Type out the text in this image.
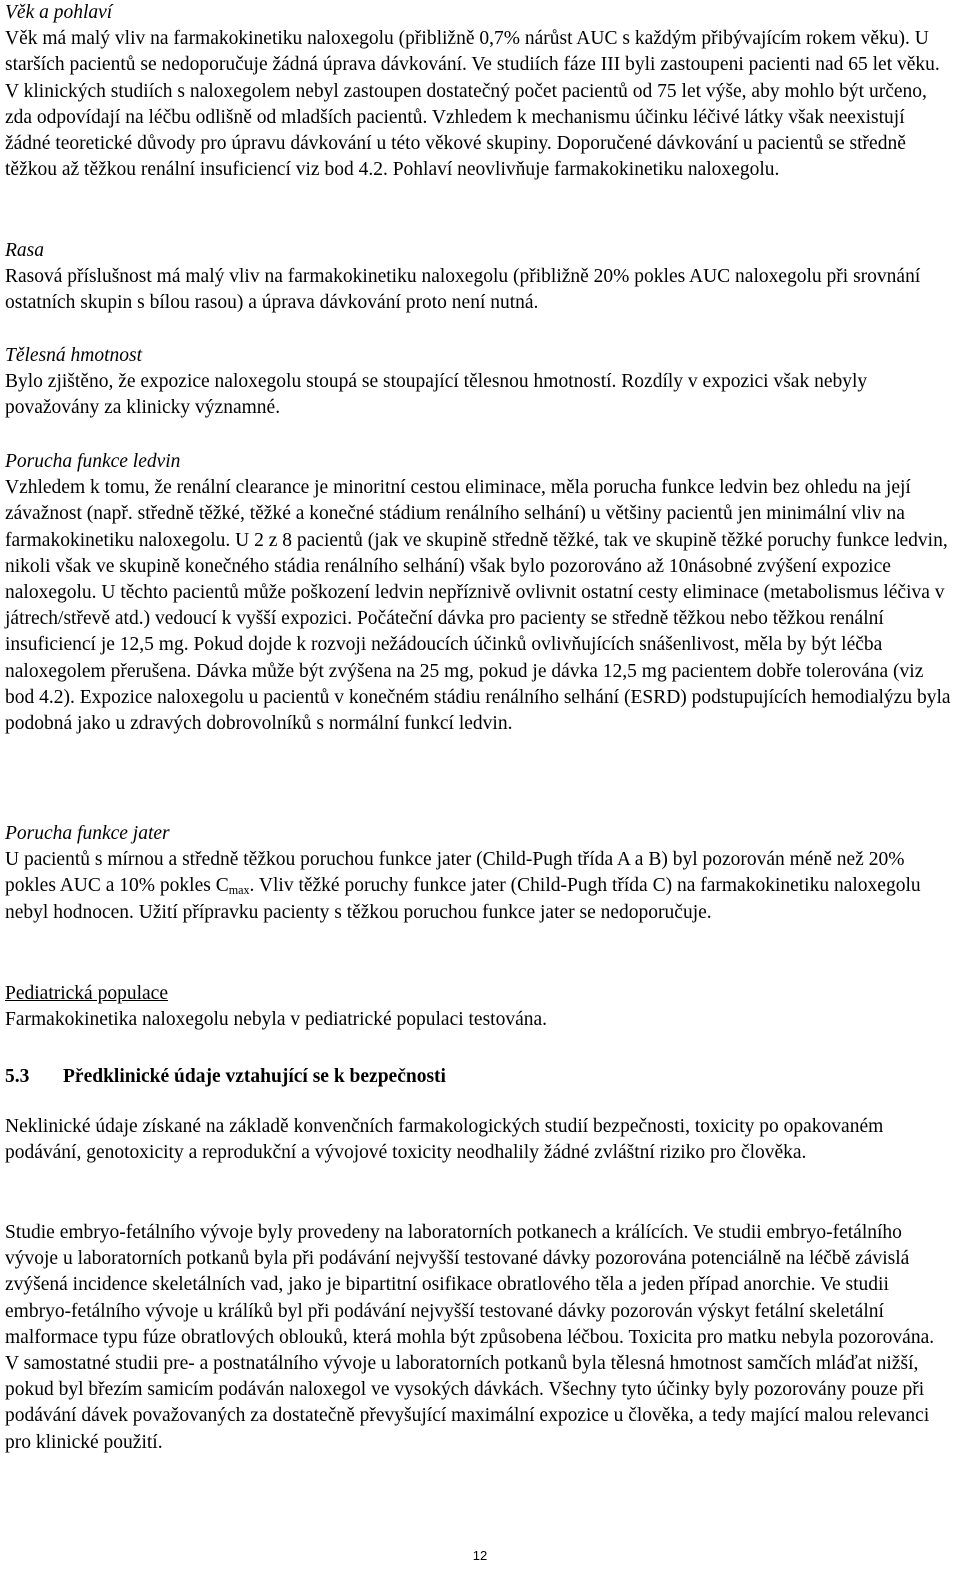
Věk a pohlaví

Věk má malý vliv na farmakokinetiku naloxegolu (přibližně 0,7% nárůst AUC s každým přibývajícím rokem věku). U starších pacientů se nedoporučuje žádná úprava dávkování. Ve studiích fáze III byli zastoupeni pacienti nad 65 let věku. V klinických studiích s naloxegolem nebyl zastoupen dostatečný počet pacientů od 75 let výše, aby mohlo být určeno, zda odpovídají na léčbu odlišně od mladších pacientů. Vzhledem k mechanismu účinku léčivé látky však neexistují žádné teoretické důvody pro úpravu dávkování u této věkové skupiny. Doporučené dávkování u pacientů se středně těžkou až těžkou renální insuficiencí viz bod 4.2. Pohlaví neovlivňuje farmakokinetiku naloxegolu.

Rasa

Rasová příslušnost má malý vliv na farmakokinetiku naloxegolu (přibližně 20% pokles AUC naloxegolu při srovnání ostatních skupin s bílou rasou) a úprava dávkování proto není nutná.

Tělesná hmotnost

Bylo zjištěno, že expozice naloxegolu stoupá se stoupající tělesnou hmotností. Rozdíly v expozici však nebyly považovány za klinicky významné.

Porucha funkce ledvin

Vzhledem k tomu, že renální clearance je minoritní cestou eliminace, měla porucha funkce ledvin bez ohledu na její závažnost (např. středně těžké, těžké a konečné stádium renálního selhání) u většiny pacientů jen minimální vliv na farmakokinetiku naloxegolu. U 2 z 8 pacientů (jak ve skupině středně těžké, tak ve skupině těžké poruchy funkce ledvin, nikoli však ve skupině konečného stádia renálního selhání) však bylo pozorováno až 10násobné zvýšení expozice naloxegolu. U těchto pacientů může poškození ledvin nepříznivě ovlivnit ostatní cesty eliminace (metabolismus léčiva v játrech/střevě atd.) vedoucí k vyšší expozici. Počáteční dávka pro pacienty se středně těžkou nebo těžkou renální insuficiencí je 12,5 mg. Pokud dojde k rozvoji nežádoucích účinků ovlivňujících snášenlivost, měla by být léčba naloxegolem přerušena. Dávka může být zvýšena na 25 mg, pokud je dávka 12,5 mg pacientem dobře tolerována (viz bod 4.2). Expozice naloxegolu u pacientů v konečném stádiu renálního selhání (ESRD) podstupujících hemodialýzu byla podobná jako u zdravých dobrovolníků s normální funkcí ledvin.

Porucha funkce jater

U pacientů s mírnou a středně těžkou poruchou funkce jater (Child-Pugh třída A a B) byl pozorován méně než 20% pokles AUC a 10% pokles $C_{max}$. Vliv těžké poruchy funkce jater (Child-Pugh třída C) na farmakokinetiku naloxegolu nebyl hodnocen. Užití přípravku pacienty s těžkou poruchou funkce jater se nedoporučuje.

Pediatrická populace

Farmakokinetika naloxegolu nebyla v pediatrické populaci testována.

5.3 Předklinické údaje vztahující se k bezpečnosti

Neklinické údaje získané na základě konvenčních farmakologických studií bezpečnosti, toxicity po opakovaném podávání, genotoxicity a reprodukční a vývojové toxicity neodhalily žádné zvláštní riziko pro člověka.

Studie embryo-fetálního vývoje byly provedeny na laboratorních potkanech a králících. Ve studii embryo-fetálního vývoje u laboratorních potkanů byla při podávání nejvyšší testované dávky pozorována potenciálně na léčbě závislá zvýšená incidence skeletálních vad, jako je bipartitní osifikace obratlového těla a jeden případ anorchie. Ve studii embryo-fetálního vývoje u králíků byl při podávání nejvyšší testované dávky pozorován výskyt fetální skeletální malformace typu fúze obratlových oblouků, která mohla být způsobena léčbou. Toxicita pro matku nebyla pozorována.

V samostatné studii pre- a postnatálního vývoje u laboratorních potkanů byla tělesná hmotnost samčích mláďat nižší, pokud byl březím samicím podáván naloxegol ve vysokých dávkách. Všechny tyto účinky byly pozorovány pouze při podávání dávek považovaných za dostatečně převyšující maximální expozice u člověka, a tedy mající malou relevanci pro klinické použití.

12
